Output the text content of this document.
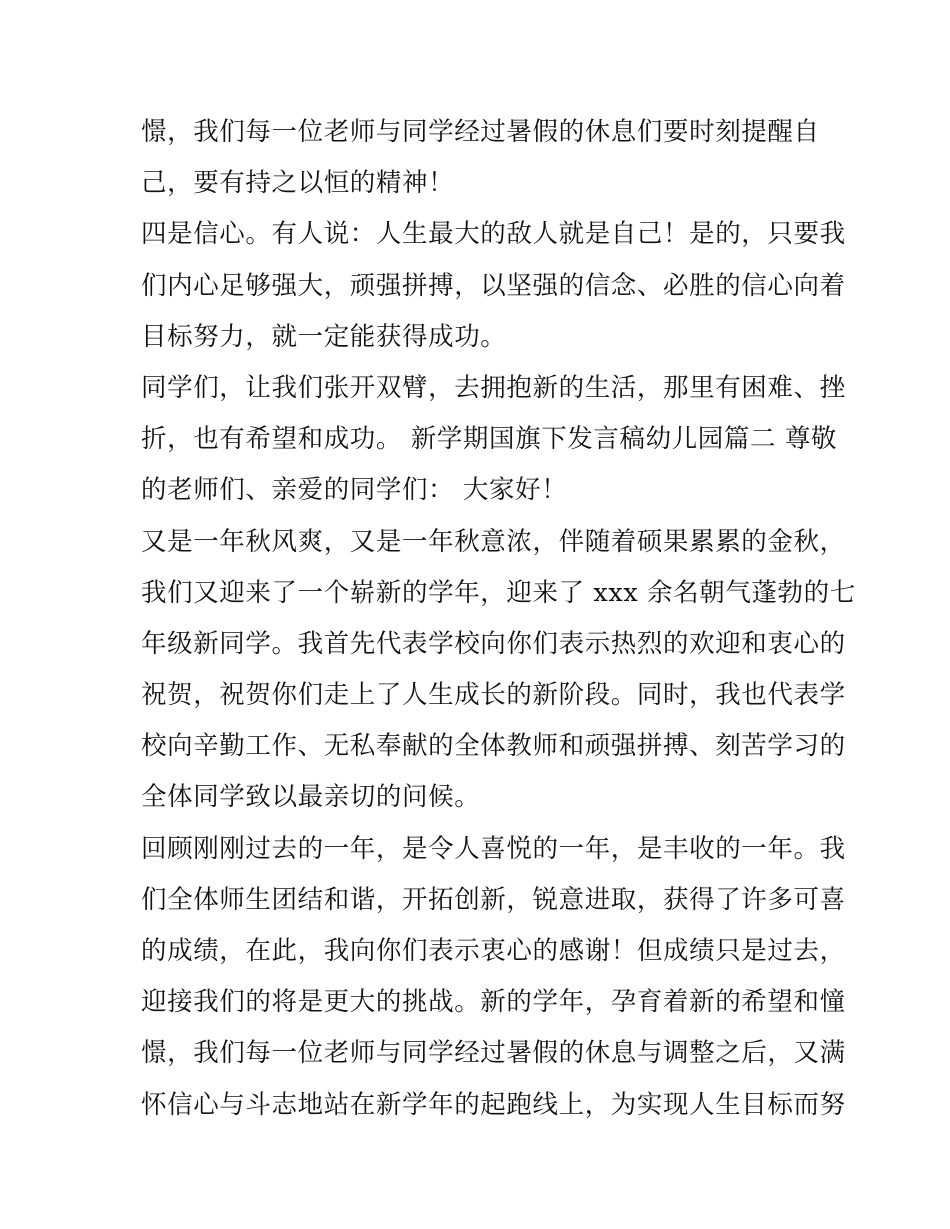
憬，我们每一位老师与同学经过暑假的休息们要时刻提醒自
己，要有持之以恒的精神！
四是信心。有人说：人生最大的敌人就是自己！是的，只要我
们内心足够强大，顽强拼搏，以坚强的信念、必胜的信心向着
目标努力，就一定能获得成功。
同学们，让我们张开双臂，去拥抱新的生活，那里有困难、挫
折，也有希望和成功。 新学期国旗下发言稿幼儿园篇二 尊敬
的老师们、亲爱的同学们： 大家好！
又是一年秋风爽，又是一年秋意浓，伴随着硕果累累的金秋，
我们又迎来了一个崭新的学年，迎来了 xxx 余名朝气蓬勃的七
年级新同学。我首先代表学校向你们表示热烈的欢迎和衷心的
祝贺，祝贺你们走上了人生成长的新阶段。同时，我也代表学
校向辛勤工作、无私奉献的全体教师和顽强拼搏、刻苦学习的
全体同学致以最亲切的问候。
回顾刚刚过去的一年，是令人喜悦的一年，是丰收的一年。我
们全体师生团结和谐，开拓创新，锐意进取，获得了许多可喜
的成绩，在此，我向你们表示衷心的感谢！但成绩只是过去，
迎接我们的将是更大的挑战。新的学年，孕育着新的希望和憧
憬，我们每一位老师与同学经过暑假的休息与调整之后，又满
怀信心与斗志地站在新学年的起跑线上，为实现人生目标而努
